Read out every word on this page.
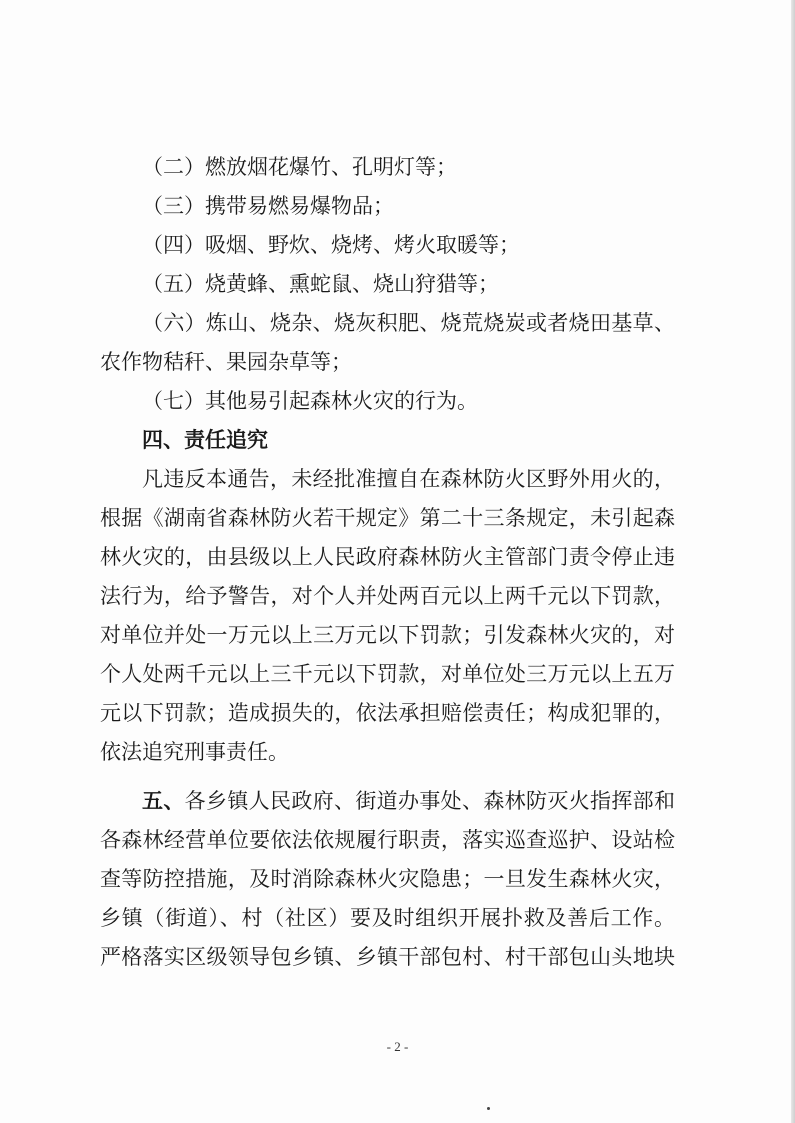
（二）燃放烟花爆竹、孔明灯等；
（三）携带易燃易爆物品；
（四）吸烟、野炊、烧烤、烤火取暖等；
（五）烧黄蜂、熏蛇鼠、烧山狩猎等；
（六）炼山、烧杂、烧灰积肥、烧荒烧炭或者烧田基草、
农作物秸秆、果园杂草等；
（七）其他易引起森林火灾的行为。
四、责任追究
凡违反本通告，未经批准擅自在森林防火区野外用火的，
根据《湖南省森林防火若干规定》第二十三条规定，未引起森
林火灾的，由县级以上人民政府森林防火主管部门责令停止违
法行为，给予警告，对个人并处两百元以上两千元以下罚款，
对单位并处一万元以上三万元以下罚款；引发森林火灾的，对
个人处两千元以上三千元以下罚款，对单位处三万元以上五万
元以下罚款；造成损失的，依法承担赔偿责任；构成犯罪的，
依法追究刑事责任。
五、各乡镇人民政府、街道办事处、森林防灭火指挥部和
各森林经营单位要依法依规履行职责，落实巡查巡护、设站检
查等防控措施，及时消除森林火灾隐患；一旦发生森林火灾，
乡镇（街道）、村（社区）要及时组织开展扑救及善后工作。
严格落实区级领导包乡镇、乡镇干部包村、村干部包山头地块
- 2 -
